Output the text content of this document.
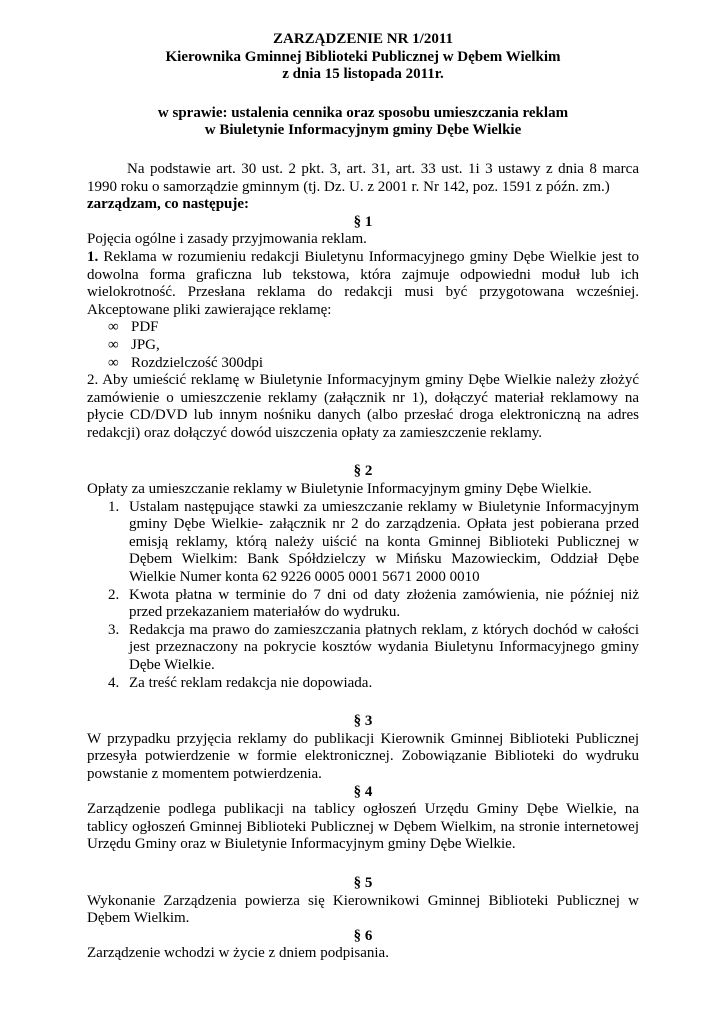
ZARZĄDZENIE NR 1/2011
Kierownika Gminnej Biblioteki Publicznej w Dębem Wielkim
z dnia 15 listopada 2011r.
w sprawie: ustalenia cennika oraz sposobu umieszczania reklam
w Biuletynie Informacyjnym gminy Dębe Wielkie
Na podstawie art. 30 ust. 2 pkt. 3, art. 31, art. 33 ust. 1i 3 ustawy z dnia 8 marca 1990 roku o samorządzie gminnym (tj. Dz. U. z 2001 r. Nr 142, poz. 1591 z późn. zm.)
zarządzam, co następuje:
§ 1
Pojęcia ogólne i zasady przyjmowania reklam.
1. Reklama w rozumieniu redakcji Biuletynu Informacyjnego gminy Dębe Wielkie jest to dowolna forma graficzna lub tekstowa, która zajmuje odpowiedni moduł lub ich wielokrotność. Przesłana reklama do redakcji musi być przygotowana wcześniej. Akceptowane pliki zawierające reklamę:
∞ PDF
∞ JPG,
∞ Rozdzielczość 300dpi
2. Aby umieścić reklamę w Biuletynie Informacyjnym gminy Dębe Wielkie należy złożyć zamówienie o umieszczenie reklamy (załącznik nr 1), dołączyć materiał reklamowy na płycie CD/DVD lub innym nośniku danych (albo przesłać droga elektroniczną na adres redakcji) oraz dołączyć dowód uiszczenia opłaty za zamieszczenie reklamy.
§ 2
Opłaty za umieszczanie reklamy w Biuletynie Informacyjnym gminy Dębe Wielkie.
1. Ustalam następujące stawki za umieszczanie reklamy w Biuletynie Informacyjnym gminy Dębe Wielkie- załącznik nr 2 do zarządzenia. Opłata jest pobierana przed emisją reklamy, którą należy uiścić na konta Gminnej Biblioteki Publicznej w Dębem Wielkim: Bank Spółdzielczy w Mińsku Mazowieckim, Oddział Dębe Wielkie Numer konta 62 9226 0005 0001 5671 2000 0010
2. Kwota płatna w terminie do 7 dni od daty złożenia zamówienia, nie później niż przed przekazaniem materiałów do wydruku.
3. Redakcja ma prawo do zamieszczania płatnych reklam, z których dochód w całości jest przeznaczony na pokrycie kosztów wydania Biuletynu Informacyjnego gminy Dębe Wielkie.
4. Za treść reklam redakcja nie dopowiada.
§ 3
W przypadku przyjęcia reklamy do publikacji Kierownik Gminnej Biblioteki Publicznej przesyła potwierdzenie w formie elektronicznej. Zobowiązanie Biblioteki do wydruku powstanie z momentem potwierdzenia.
§ 4
Zarządzenie podlega publikacji na tablicy ogłoszeń Urzędu Gminy Dębe Wielkie, na tablicy ogłoszeń Gminnej Biblioteki Publicznej w Dębem Wielkim, na stronie internetowej Urzędu Gminy oraz w Biuletynie Informacyjnym gminy Dębe Wielkie.
§ 5
Wykonanie Zarządzenia powierza się Kierownikowi Gminnej Biblioteki Publicznej w Dębem Wielkim.
§ 6
Zarządzenie wchodzi w życie z dniem podpisania.
